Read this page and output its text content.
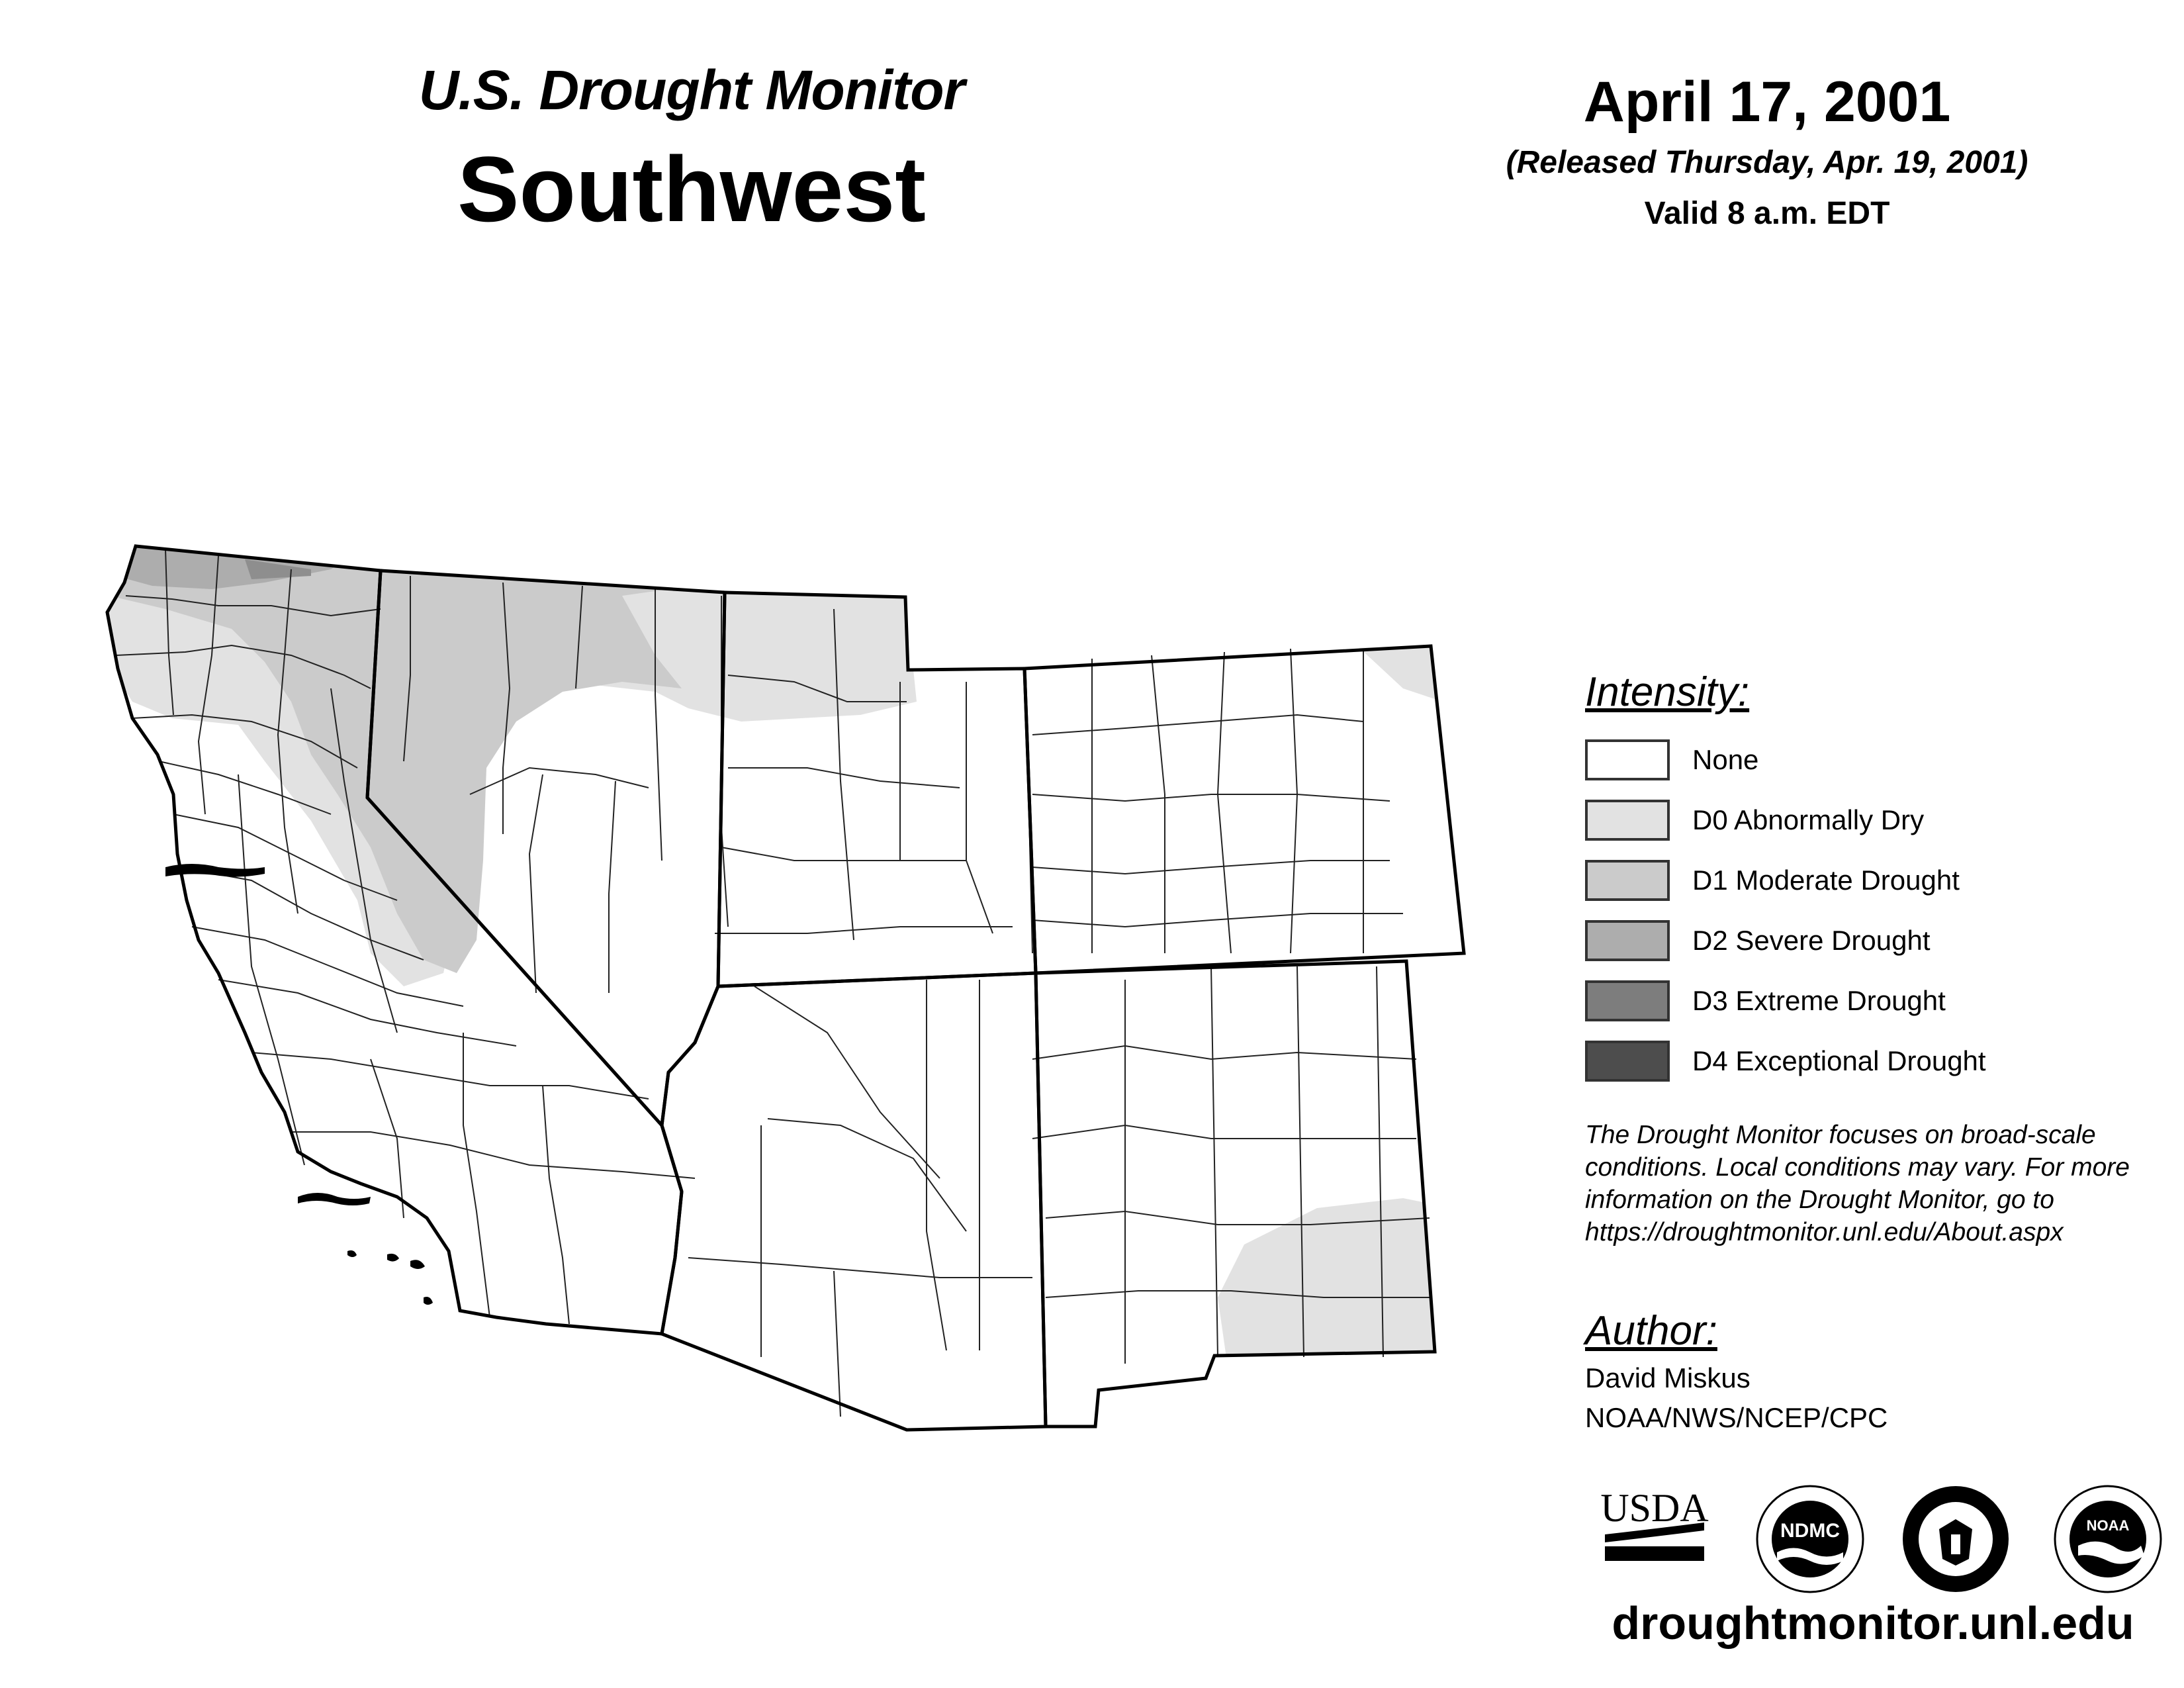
U.S. Drought Monitor
Southwest
April 17, 2001
(Released Thursday, Apr. 19, 2001)
Valid 8 a.m. EDT
Intensity:
None
D0 Abnormally Dry
D1 Moderate Drought
D2 Severe Drought
D3 Extreme Drought
D4 Exceptional Drought
The Drought Monitor focuses on broad-scale conditions. Local conditions may vary. For more information on the Drought Monitor, go to https://droughtmonitor.unl.edu/About.aspx
Author:
David Miskus
NOAA/NWS/NCEP/CPC
USDA
NDMC	NOAA
droughtmonitor.unl.edu
